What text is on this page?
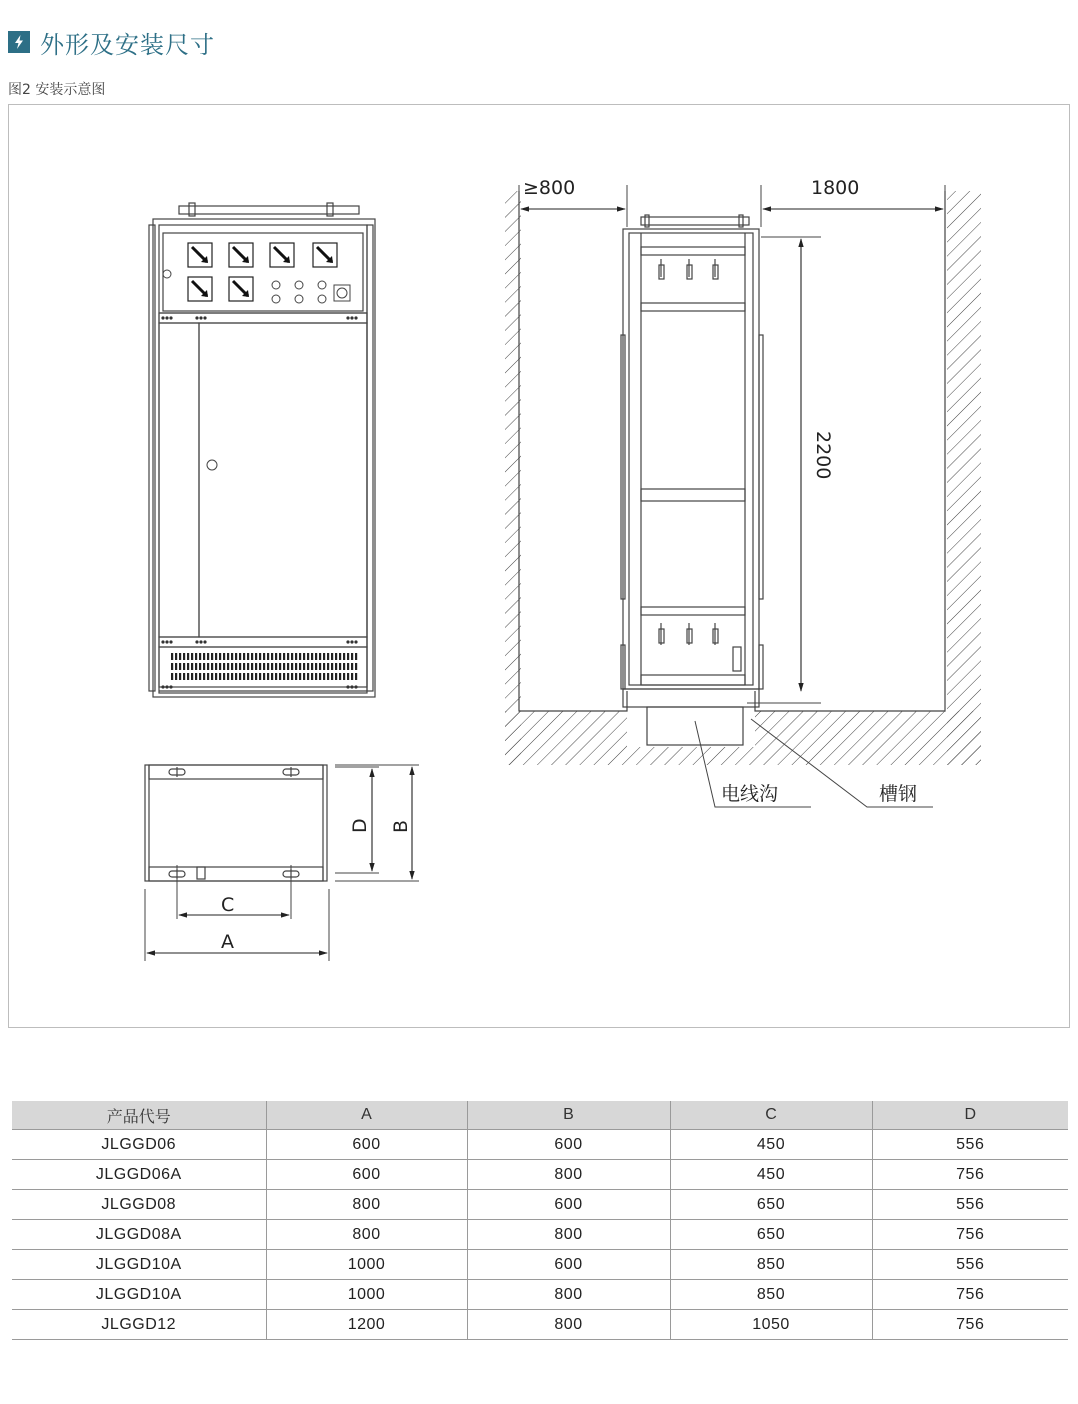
外形及安装尺寸
图2 安装示意图
C
A
D B
≥800	1800
2200
电线沟	槽钢
产品代号	A	B	C	D
JLGGD06	600	600	450	556
JLGGD06A	600	800	450	756
JLGGD08	800	600	650	556
JLGGD08A	800	800	650	756
JLGGD10A	1000	600	850	556
JLGGD10A	1000	800	850	756
JLGGD12	1200	800	1050	756
